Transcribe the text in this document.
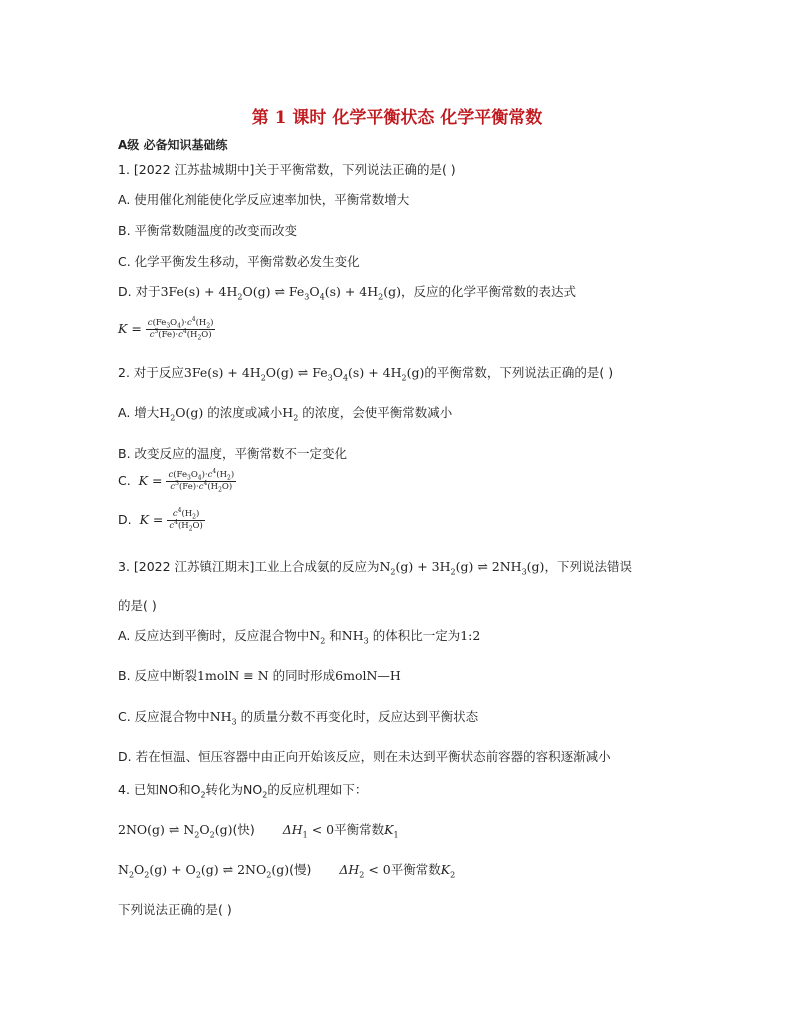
第 1 课时 化学平衡状态 化学平衡常数
A级 必备知识基础练
1. [2022 江苏盐城期中]关于平衡常数，下列说法正确的是( )
A. 使用催化剂能使化学反应速率加快，平衡常数增大
B. 平衡常数随温度的改变而改变
C. 化学平衡发生移动，平衡常数必发生变化
D. 对于$3Fe(s) + 4H_2O(g)$ ⇌ $Fe_3O_4(s) + 4H_2(g)$，反应的化学平衡常数的表达式
$K = \frac{c(Fe_3O_4)\cdot c^4(H_2)}{c^3(Fe)\cdot c^4(H_2O)}$
2. 对于反应$3Fe(s) + 4H_2O(g)$ ⇌ $Fe_3O_4(s) + 4H_2(g)$的平衡常数，下列说法正确的是( )
A. 增大$H_2O(g)$ 的浓度或减小$H_2$ 的浓度，会使平衡常数减小
B. 改变反应的温度，平衡常数不一定变化
C. $K = \frac{c(Fe_3O_4)\cdot c^4(H_2)}{c^3(Fe)\cdot c^4(H_2O)}$
D. $K = \frac{c^4(H_2)}{c^4(H_2O)}$
3. [2022 江苏镇江期末]工业上合成氨的反应为$N_2(g) + 3H_2(g)$ ⇌ $2NH_3(g)$，下列说法错误
的是( )
A. 反应达到平衡时，反应混合物中$N_2$ 和$NH_3$ 的体积比一定为1:2
B. 反应中断裂1molN ≡ N 的同时形成6molN—H
C. 反应混合物中$NH_3$ 的质量分数不再变化时，反应达到平衡状态
D. 若在恒温、恒压容器中由正向开始该反应，则在未达到平衡状态前容器的容积逐渐减小
4. 已知NO和$O_2$转化为$NO_2$的反应机理如下：
2NO(g) ⇌ $N_2O_2(g)$(快) $\Delta H_1 < 0$平衡常数$K_1$
$N_2O_2(g) + O_2(g)$ ⇌ $2NO_2(g)$(慢) $\Delta H_2 < 0$平衡常数$K_2$
下列说法正确的是( )
